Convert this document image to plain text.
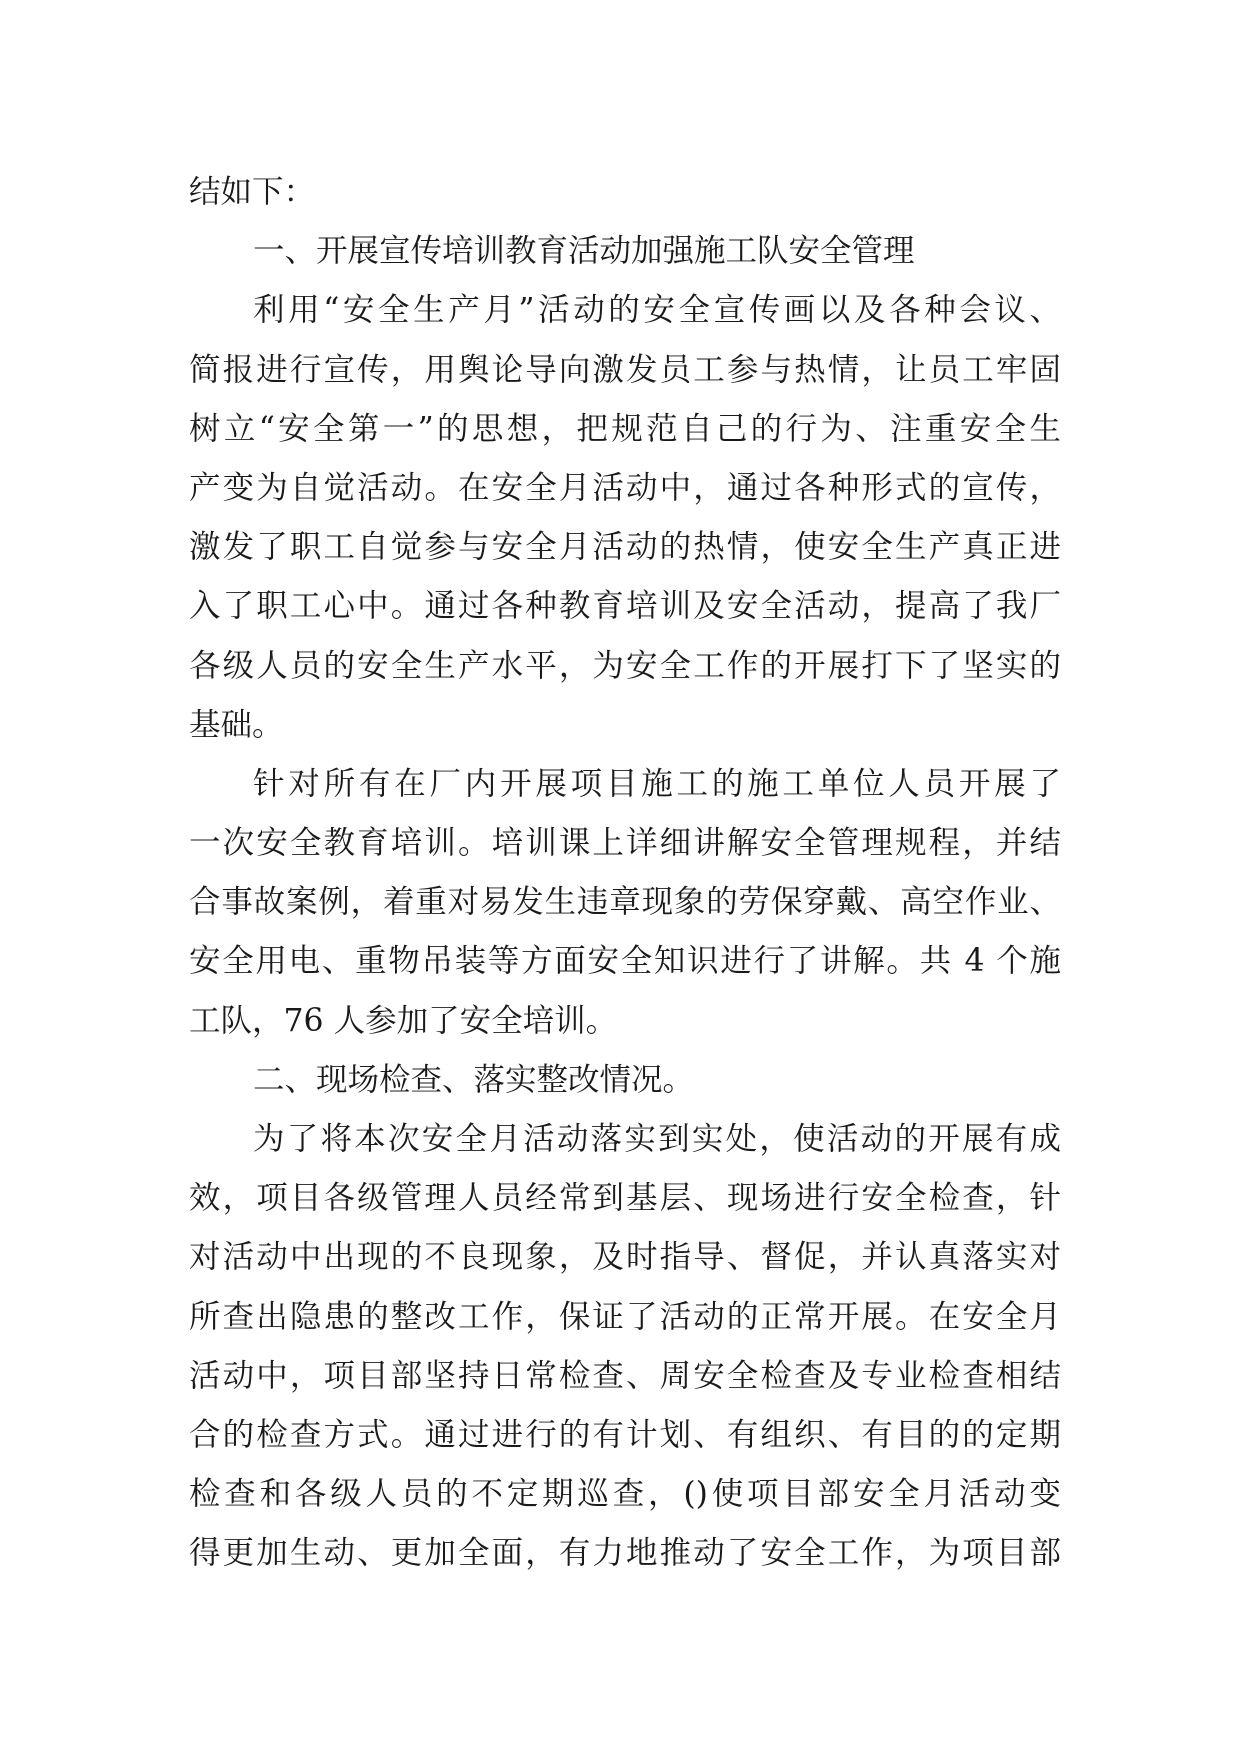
结如下：
一、开展宣传培训教育活动加强施工队安全管理
利用“安全生产月”活动的安全宣传画以及各种会议、
简报进行宣传，用舆论导向激发员工参与热情，让员工牢固
树立“安全第一”的思想，把规范自己的行为、注重安全生
产变为自觉活动。在安全月活动中，通过各种形式的宣传，
激发了职工自觉参与安全月活动的热情，使安全生产真正进
入了职工心中。通过各种教育培训及安全活动，提高了我厂
各级人员的安全生产水平，为安全工作的开展打下了坚实的
基础。
针对所有在厂内开展项目施工的施工单位人员开展了
一次安全教育培训。培训课上详细讲解安全管理规程，并结
合事故案例，着重对易发生违章现象的劳保穿戴、高空作业、
安全用电、重物吊装等方面安全知识进行了讲解。共 4 个施
工队，76 人参加了安全培训。
二、现场检查、落实整改情况。
为了将本次安全月活动落实到实处，使活动的开展有成
效，项目各级管理人员经常到基层、现场进行安全检查，针
对活动中出现的不良现象，及时指导、督促，并认真落实对
所查出隐患的整改工作，保证了活动的正常开展。在安全月
活动中，项目部坚持日常检查、周安全检查及专业检查相结
合的检查方式。通过进行的有计划、有组织、有目的的定期
检查和各级人员的不定期巡查，()使项目部安全月活动变
得更加生动、更加全面，有力地推动了安全工作，为项目部
